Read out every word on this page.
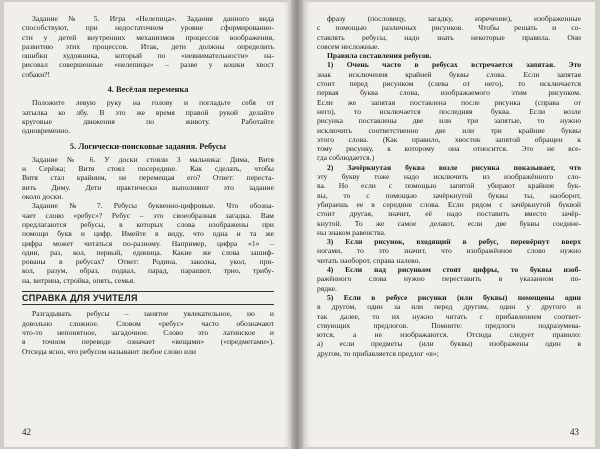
Задание № 5. Игра «Нелепица». Задания данного вида
способствуют, при недостаточном уровне сформированно-
сти у детей внутренних механизмов процессов воображения,
развитию этих процессов. Итак, дети должны определить
ошибки художника, который по «невнимательности» на-
рисовал совершенные «нелепицы» – разве у кошки хвост
собаки?!

4. Весёлая переменка

Положите левую руку на голову и погладьте себя от
затылка ко лбу. В это же время правой рукой делайте
круговые движения по животу. Работайте
одновременно.

5. Логически-поисковые задания. Ребусы

Задание № 6. У доски стояли 3 мальчика: Дима, Витя
и Серёжа; Витя стоял посередине. Как сделать, чтобы
Витя стал крайним, не перемещая его? Ответ: переста-
вить Диму. Дети практически выполняют это задание
около доски.
Задание № 7. Ребусы буквенно-цифровые. Что обозна-
чает слово «ребус»? Ребус – это своеобразная загадка. Вам
предлагаются ребусы, в которых слова изображены при
помощи букв и цифр. Имейте в виду, что одна и та же
цифра может читаться по-разному. Например, цифра «1» –
один, раз, кол, первый, единица. Какие же слова зашиф-
рованы в ребусах? Ответ: Родина, заколка, укол, при-
кол, разум, образ, подвал, парад, парашют, трио, трибу-
на, витрина, стройка, опять, семья.
СПРАВКА ДЛЯ УЧИТЕЛЯ
Разгадывать ребусы – занятие увлекательное, но и
довольно сложное. Словом «ребус» часто обозначают
что-то непонятное, загадочное. Слово это латинское и
в точном переводе означает «вещами» («предметами»).
Отсюда ясно, что ребусом называют любое слово или
42
фразу (пословицу, загадку, изречение), изображенные
с помощью различных рисунков. Чтобы решать и со-
ставлять ребусы, надо знать некоторые правила. Они
совсем несложные.

Правила составления ребусов.

1) Очень часто в ребусах встречается запятая. Это
знак исключения крайней буквы слова. Если запятая
стоит перед рисунком (слева от него), то исключается
первая буква слова, изображаемого этим рисунком.
Если же запятая поставлена после рисунка (справа от
него), то исключается последняя буква. Если возле
рисунка поставлены две или три запятые, то нужно
исключить соответственно две или три крайние буквы
этого слова. (Как правило, хвостик запятой обращен к
тому рисунку, к которому она относится. Это не все-
гда соблюдается.)
2) Зачёркнутая буква возле рисунка показывает, что
эту букву тоже надо исключить из изображённого сло-
ва. Но если с помощью запятой убирают крайние бук-
вы, то с помощью зачёркнутой буквы ты, наоборот,
убираешь ее в середине слова. Если рядом с зачёркнутой буквой
стоит другая, значит, её надо поставить вместо зачёр-
кнутой. То же самое делают, если две буквы соедине-
ны знаком равенства.
3) Если рисунок, входящий в ребус, перевёрнут вверх
ногами, то это значит, что изображённое слово нужно
читать наоборот, справа налево.
4) Если над рисунком стоят цифры, то буквы изоб-
ражённого слова нужно переставить в указанном по-
рядке.
5) Если в ребусе рисунки (или буквы) помещены один
в другом, один за или перед другим, один у другого и
так далее, то их нужно читать с прибавлением соответ-
ствующих предлогов. Помните: предлоги подразумева-
ются, а не изображаются. Отсюда следует правило:
а) если предметы (или буквы) изображены один в
другом, то прибавляется предлог «в»;
43
